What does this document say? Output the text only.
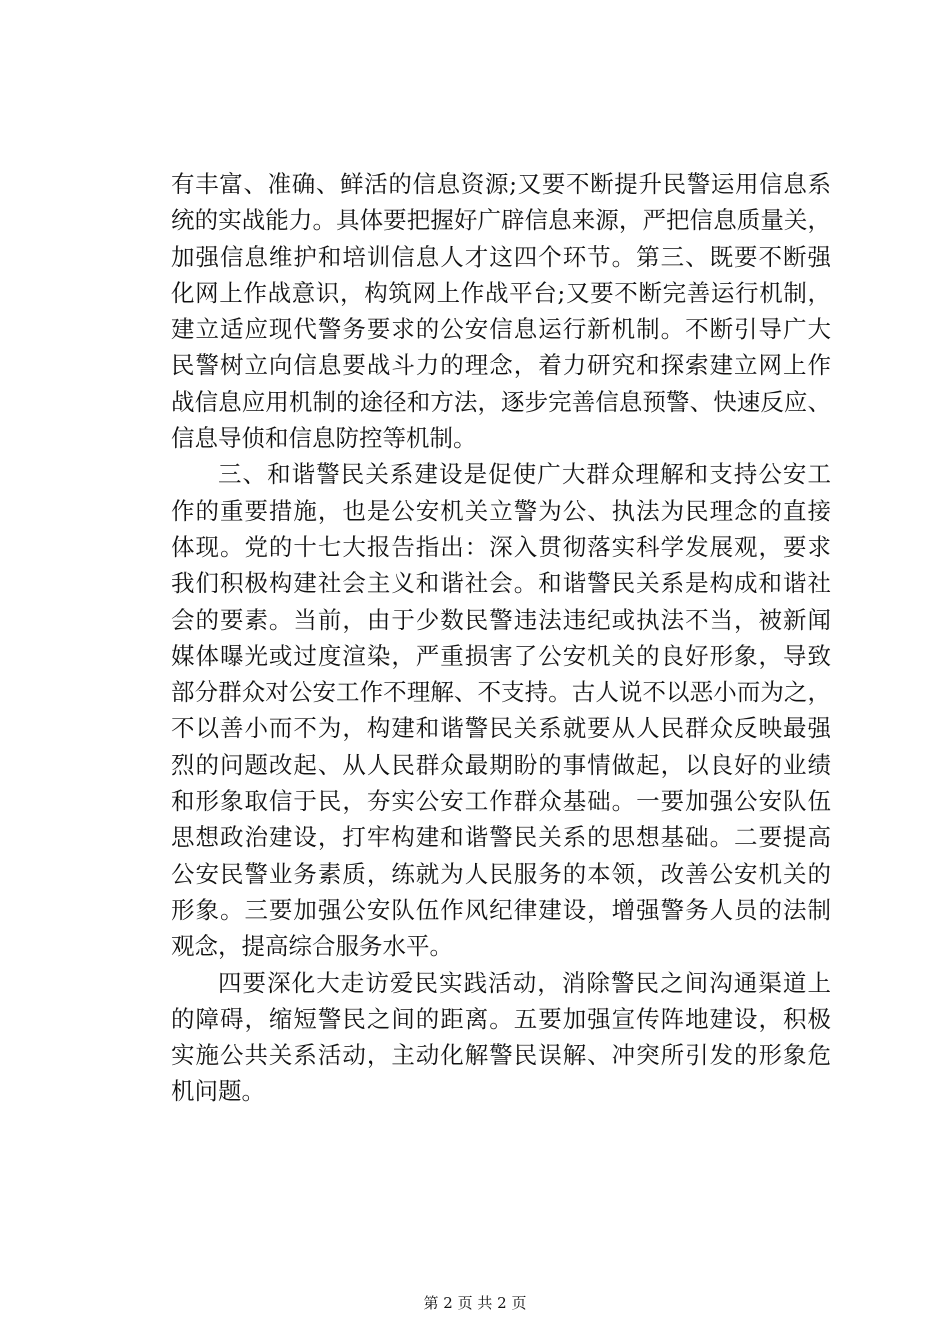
有丰富、准确、鲜活的信息资源;又要不断提升民警运用信息系
统的实战能力。具体要把握好广辟信息来源，严把信息质量关，
加强信息维护和培训信息人才这四个环节。第三、既要不断强
化网上作战意识，构筑网上作战平台;又要不断完善运行机制，
建立适应现代警务要求的公安信息运行新机制。不断引导广大
民警树立向信息要战斗力的理念，着力研究和探索建立网上作
战信息应用机制的途径和方法，逐步完善信息预警、快速反应、
信息导侦和信息防控等机制。
三、和谐警民关系建设是促使广大群众理解和支持公安工
作的重要措施，也是公安机关立警为公、执法为民理念的直接
体现。党的十七大报告指出：深入贯彻落实科学发展观，要求
我们积极构建社会主义和谐社会。和谐警民关系是构成和谐社
会的要素。当前，由于少数民警违法违纪或执法不当，被新闻
媒体曝光或过度渲染，严重损害了公安机关的良好形象，导致
部分群众对公安工作不理解、不支持。古人说不以恶小而为之，
不以善小而不为，构建和谐警民关系就要从人民群众反映最强
烈的问题改起、从人民群众最期盼的事情做起，以良好的业绩
和形象取信于民，夯实公安工作群众基础。一要加强公安队伍
思想政治建设，打牢构建和谐警民关系的思想基础。二要提高
公安民警业务素质，练就为人民服务的本领，改善公安机关的
形象。三要加强公安队伍作风纪律建设，增强警务人员的法制
观念，提高综合服务水平。
四要深化大走访爱民实践活动，消除警民之间沟通渠道上
的障碍，缩短警民之间的距离。五要加强宣传阵地建设，积极
实施公共关系活动，主动化解警民误解、冲突所引发的形象危
机问题。
第 2 页 共 2 页
